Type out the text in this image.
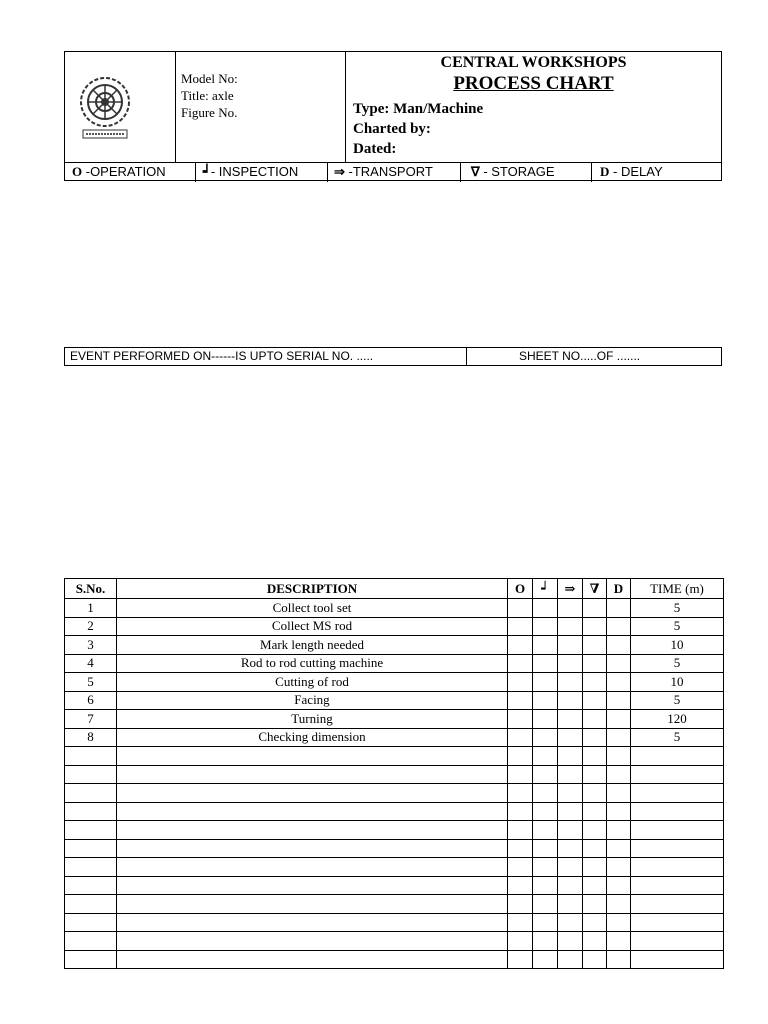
Model No:
Title: axle
Figure No.
CENTRAL WORKSHOPS
PROCESS CHART
Type: Man/Machine
Charted by:
Dated:
O -OPERATION	┙- INSPECTION	⇒ -TRANSPORT	∇ - STORAGE	D - DELAY
EVENT PERFORMED ON------IS UPTO SERIAL NO. .....	SHEET NO.....OF .......
S.No.	DESCRIPTION	O	┙	⇒	∇	D	TIME (m)
1	Collect tool set						5
2	Collect MS rod						5
3	Mark length needed						10
4	Rod to rod cutting machine						5
5	Cutting of rod						10
6	Facing						5
7	Turning						120
8	Checking dimension						5
